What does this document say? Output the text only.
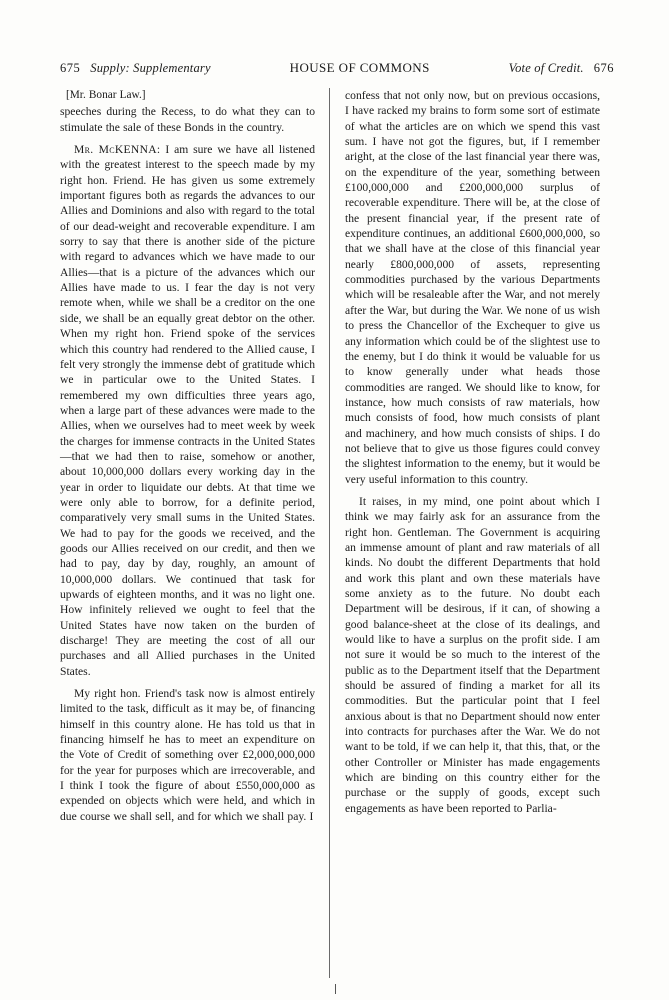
675 Supply: Supplementary	HOUSE OF COMMONS	Vote of Credit. 676
[Mr. Bonar Law.]
speeches during the Recess, to do what they can to stimulate the sale of these Bonds in the country.
Mr. McKENNA: I am sure we have all listened with the greatest interest to the speech made by my right hon. Friend. He has given us some extremely important figures both as regards the advances to our Allies and Dominions and also with regard to the total of our dead-weight and recoverable expenditure. I am sorry to say that there is another side of the picture with regard to advances which we have made to our Allies—that is a picture of the advances which our Allies have made to us. I fear the day is not very remote when, while we shall be a creditor on the one side, we shall be an equally great debtor on the other. When my right hon. Friend spoke of the services which this country had rendered to the Allied cause, I felt very strongly the immense debt of gratitude which we in particular owe to the United States. I remembered my own difficulties three years ago, when a large part of these advances were made to the Allies, when we ourselves had to meet week by week the charges for immense contracts in the United States—that we had then to raise, somehow or another, about 10,000,000 dollars every working day in the year in order to liquidate our debts. At that time we were only able to borrow, for a definite period, comparatively very small sums in the United States. We had to pay for the goods we received, and the goods our Allies received on our credit, and then we had to pay, day by day, roughly, an amount of 10,000,000 dollars. We continued that task for upwards of eighteen months, and it was no light one. How infinitely relieved we ought to feel that the United States have now taken on the burden of discharge! They are meeting the cost of all our purchases and all Allied purchases in the United States.
My right hon. Friend's task now is almost entirely limited to the task, difficult as it may be, of financing himself in this country alone. He has told us that in financing himself he has to meet an expenditure on the Vote of Credit of something over £2,000,000,000 for the year for purposes which are irrecoverable, and I think I took the figure of about £550,000,000 as expended on objects which were held, and which in due course we shall sell, and for which we shall pay. I
confess that not only now, but on previous occasions, I have racked my brains to form some sort of estimate of what the articles are on which we spend this vast sum. I have not got the figures, but, if I remember aright, at the close of the last financial year there was, on the expenditure of the year, something between £100,000,000 and £200,000,000 surplus of recoverable expenditure. There will be, at the close of the present financial year, if the present rate of expenditure continues, an additional £600,000,000, so that we shall have at the close of this financial year nearly £800,000,000 of assets, representing commodities purchased by the various Departments which will be resaleable after the War, and not merely after the War, but during the War. We none of us wish to press the Chancellor of the Exchequer to give us any information which could be of the slightest use to the enemy, but I do think it would be valuable for us to know generally under what heads those commodities are ranged. We should like to know, for instance, how much consists of raw materials, how much consists of food, how much consists of plant and machinery, and how much consists of ships. I do not believe that to give us those figures could convey the slightest information to the enemy, but it would be very useful information to this country.
It raises, in my mind, one point about which I think we may fairly ask for an assurance from the right hon. Gentleman. The Government is acquiring an immense amount of plant and raw materials of all kinds. No doubt the different Departments that hold and work this plant and own these materials have some anxiety as to the future. No doubt each Department will be desirous, if it can, of showing a good balance-sheet at the close of its dealings, and would like to have a surplus on the profit side. I am not sure it would be so much to the interest of the public as to the Department itself that the Department should be assured of finding a market for all its commodities. But the particular point that I feel anxious about is that no Department should now enter into contracts for purchases after the War. We do not want to be told, if we can help it, that this, that, or the other Controller or Minister has made engagements which are binding on this country either for the purchase or the supply of goods, except such engagements as have been reported to Parlia-
